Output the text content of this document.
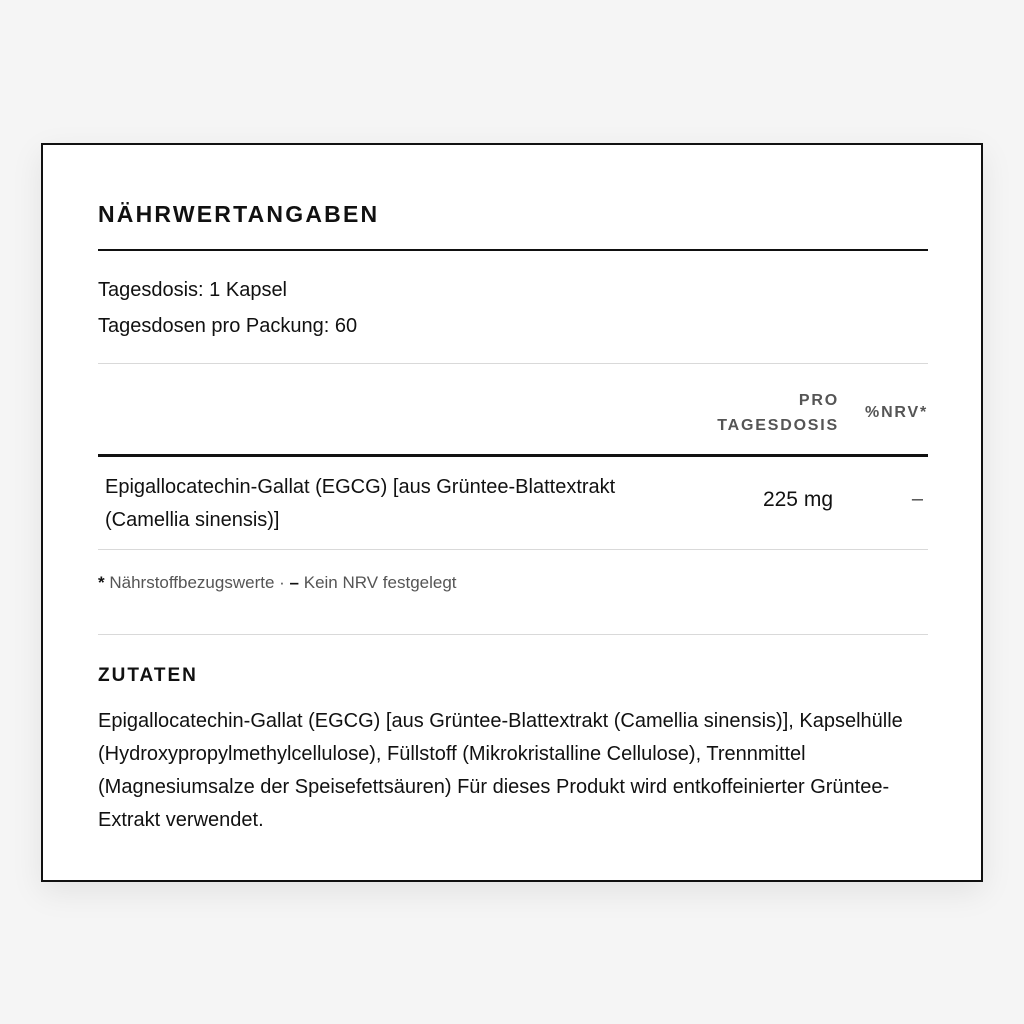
NÄHRWERTANGABEN
Tagesdosis: 1 Kapsel
Tagesdosen pro Packung: 60
PRO
TAGESDOSIS
%NRV*
Epigallocatechin-Gallat (EGCG) [aus Grüntee-Blattextrakt (Camellia sinensis)]
225 mg	–
* Nährstoffbezugswerte · – Kein NRV festgelegt
ZUTATEN

Epigallocatechin-Gallat (EGCG) [aus Grüntee-Blattextrakt (Camellia sinensis)], Kapselhülle (Hydroxypropylmethylcellulose), Füllstoff (Mikrokristalline Cellulose), Trennmittel (Magnesiumsalze der Speisefettsäuren) Für dieses Produkt wird entkoffeinierter Grüntee-Extrakt verwendet.
